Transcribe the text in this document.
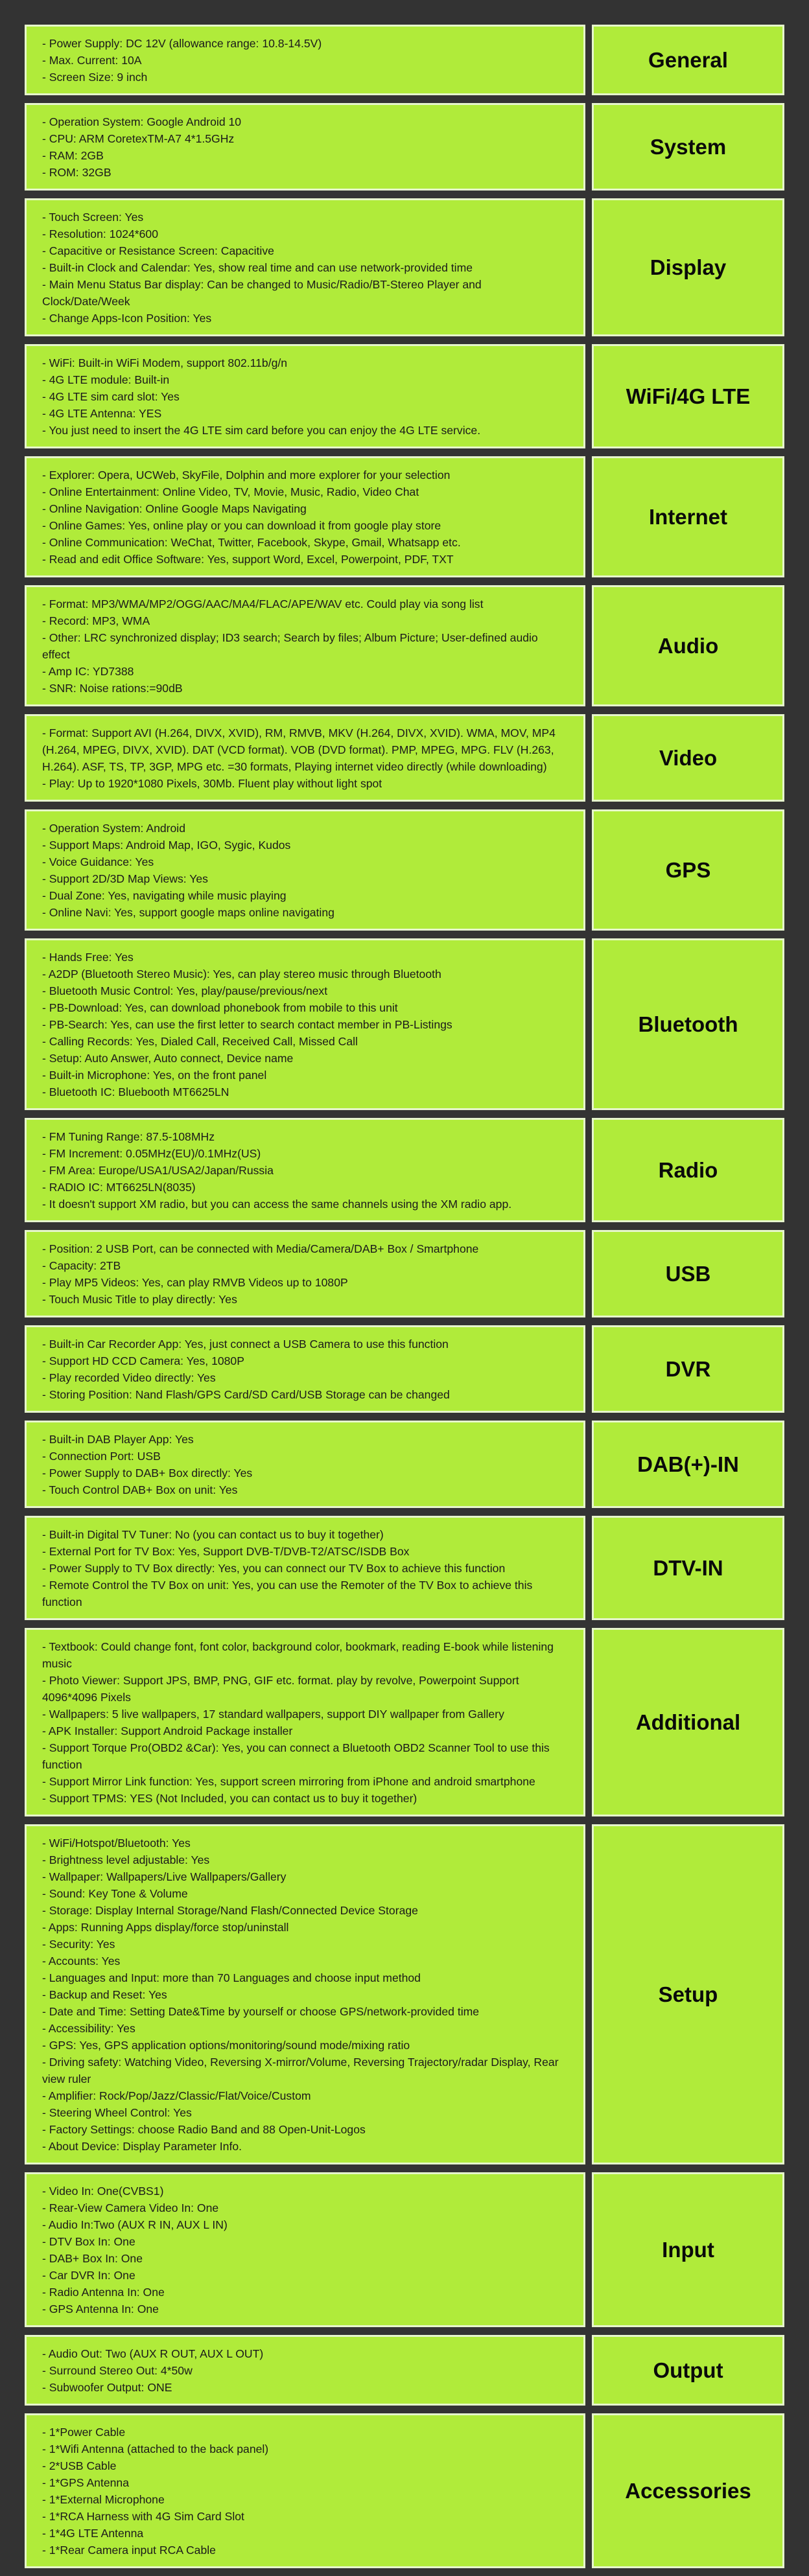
- Power Supply: DC 12V (allowance range: 10.8-14.5V)
- Max. Current: 10A
- Screen Size: 9 inch
General
- Operation System: Google Android 10
- CPU: ARM CoretexTM-A7 4*1.5GHz
- RAM: 2GB
- ROM: 32GB
System
- Touch Screen: Yes
- Resolution: 1024*600
- Capacitive or Resistance Screen: Capacitive
- Built-in Clock and Calendar: Yes, show real time and can use network-provided time
- Main Menu Status Bar display: Can be changed to Music/Radio/BT-Stereo Player and Clock/Date/Week
- Change Apps-Icon Position: Yes
Display
- WiFi: Built-in WiFi Modem, support 802.11b/g/n
- 4G LTE module: Built-in
- 4G LTE sim card slot: Yes
- 4G LTE Antenna: YES
- You just need to insert the 4G LTE sim card before you can enjoy the 4G LTE service.
WiFi/4G LTE
- Explorer: Opera, UCWeb, SkyFile, Dolphin and more explorer for your selection
- Online Entertainment: Online Video, TV, Movie, Music, Radio, Video Chat
- Online Navigation: Online Google Maps Navigating
- Online Games: Yes, online play or you can download it from google play store
- Online Communication: WeChat, Twitter, Facebook, Skype, Gmail, Whatsapp etc.
- Read and edit Office Software: Yes, support Word, Excel, Powerpoint, PDF, TXT
Internet
- Format: MP3/WMA/MP2/OGG/AAC/MA4/FLAC/APE/WAV etc. Could play via song list
- Record: MP3, WMA
- Other: LRC synchronized display; ID3 search; Search by files; Album Picture; User-defined audio effect
- Amp IC: YD7388
- SNR: Noise rations:=90dB
Audio
- Format: Support AVI (H.264, DIVX, XVID), RM, RMVB, MKV (H.264, DIVX, XVID). WMA, MOV, MP4 (H.264, MPEG, DIVX, XVID). DAT (VCD format). VOB (DVD format). PMP, MPEG, MPG. FLV (H.263, H.264). ASF, TS, TP, 3GP, MPG etc. =30 formats, Playing internet video directly (while downloading)
- Play: Up to 1920*1080 Pixels, 30Mb. Fluent play without light spot
Video
- Operation System: Android
- Support Maps: Android Map, IGO, Sygic, Kudos
- Voice Guidance: Yes
- Support 2D/3D Map Views: Yes
- Dual Zone: Yes, navigating while music playing
- Online Navi: Yes, support google maps online navigating
GPS
- Hands Free: Yes
- A2DP (Bluetooth Stereo Music): Yes, can play stereo music through Bluetooth
- Bluetooth Music Control: Yes, play/pause/previous/next
- PB-Download: Yes, can download phonebook from mobile to this unit
- PB-Search: Yes, can use the first letter to search contact member in PB-Listings
- Calling Records: Yes, Dialed Call, Received Call, Missed Call
- Setup: Auto Answer, Auto connect, Device name
- Built-in Microphone: Yes, on the front panel
- Bluetooth IC: Bluebooth MT6625LN
Bluetooth
- FM Tuning Range: 87.5-108MHz
- FM Increment: 0.05MHz(EU)/0.1MHz(US)
- FM Area: Europe/USA1/USA2/Japan/Russia
- RADIO IC: MT6625LN(8035)
- It doesn't support XM radio, but you can access the same channels using the XM radio app.
Radio
- Position: 2 USB Port, can be connected with Media/Camera/DAB+ Box / Smartphone
- Capacity: 2TB
- Play MP5 Videos: Yes, can play RMVB Videos up to 1080P
- Touch Music Title to play directly: Yes
USB
- Built-in Car Recorder App: Yes, just connect a USB Camera to use this function
- Support HD CCD Camera: Yes, 1080P
- Play recorded Video directly: Yes
- Storing Position: Nand Flash/GPS Card/SD Card/USB Storage can be changed
DVR
- Built-in DAB Player App: Yes
- Connection Port: USB
- Power Supply to DAB+ Box directly: Yes
- Touch Control DAB+ Box on unit: Yes
DAB(+)-IN
- Built-in Digital TV Tuner: No (you can contact us to buy it together)
- External Port for TV Box: Yes, Support DVB-T/DVB-T2/ATSC/ISDB Box
- Power Supply to TV Box directly: Yes, you can connect our TV Box to achieve this function
- Remote Control the TV Box on unit: Yes, you can use the Remoter of the TV Box to achieve this function
DTV-IN
- Textbook: Could change font, font color, background color, bookmark, reading E-book while listening music
- Photo Viewer: Support JPS, BMP, PNG, GIF etc. format. play by revolve, Powerpoint Support 4096*4096 Pixels
- Wallpapers: 5 live wallpapers, 17 standard wallpapers, support DIY wallpaper from Gallery
- APK Installer: Support Android Package installer
- Support Torque Pro(OBD2 &Car): Yes, you can connect a Bluetooth OBD2 Scanner Tool to use this function
- Support Mirror Link function: Yes, support screen mirroring from iPhone and android smartphone
- Support TPMS: YES (Not Included, you can contact us to buy it together)
Additional
- WiFi/Hotspot/Bluetooth: Yes
- Brightness level adjustable: Yes
- Wallpaper: Wallpapers/Live Wallpapers/Gallery
- Sound: Key Tone & Volume
- Storage: Display Internal Storage/Nand Flash/Connected Device Storage
- Apps: Running Apps display/force stop/uninstall
- Security: Yes
- Accounts: Yes
- Languages and Input: more than 70 Languages and choose input method
- Backup and Reset: Yes
- Date and Time: Setting Date&Time by yourself or choose GPS/network-provided time
- Accessibility: Yes
- GPS: Yes, GPS application options/monitoring/sound mode/mixing ratio
- Driving safety: Watching Video, Reversing X-mirror/Volume, Reversing Trajectory/radar Display, Rear view ruler
- Amplifier: Rock/Pop/Jazz/Classic/Flat/Voice/Custom
- Steering Wheel Control: Yes
- Factory Settings: choose Radio Band and 88 Open-Unit-Logos
- About Device: Display Parameter Info.
Setup
- Video In: One(CVBS1)
- Rear-View Camera Video In: One
- Audio In:Two (AUX R IN, AUX L IN)
- DTV Box In: One
- DAB+ Box In: One
- Car DVR In: One
- Radio Antenna In: One
- GPS Antenna In: One
Input
- Audio Out: Two (AUX R OUT, AUX L OUT)
- Surround Stereo Out: 4*50w
- Subwoofer Output: ONE
Output
- 1*Power Cable
- 1*Wifi Antenna (attached to the back panel)
- 2*USB Cable
- 1*GPS Antenna
- 1*External Microphone
- 1*RCA Harness with 4G Sim Card Slot
- 1*4G LTE Antenna
- 1*Rear Camera input RCA Cable
Accessories
